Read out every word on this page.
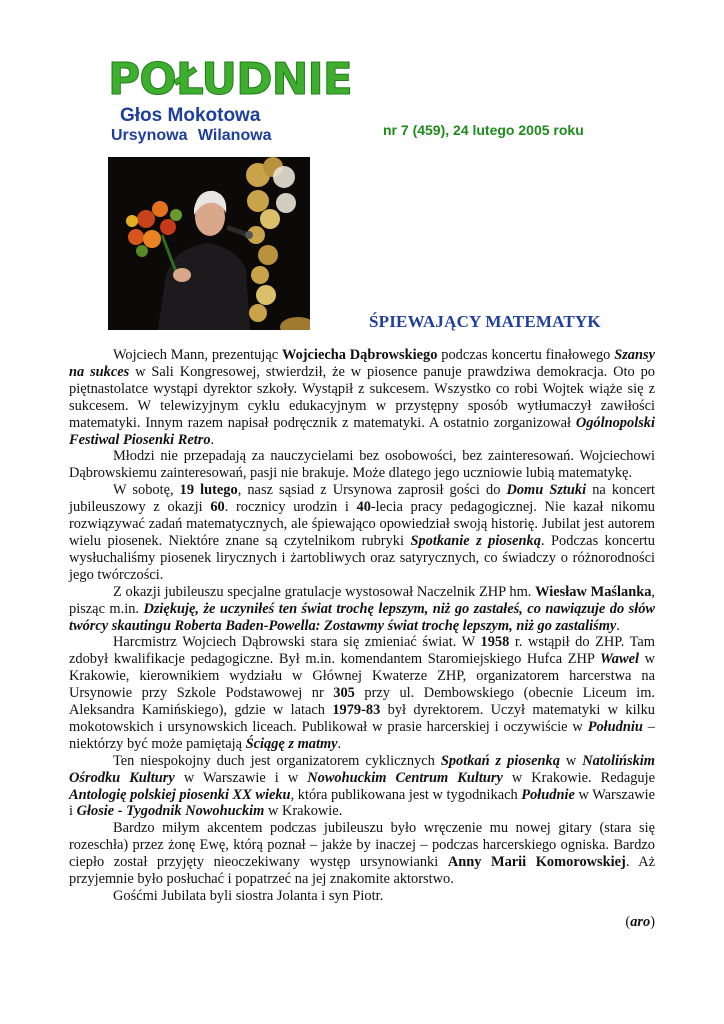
POŁUDNIE
Głos Mokotowa
Ursynowa Wilanowa	nr 7 (459), 24 lutego 2005 roku
ŚPIEWAJĄCY MATEMATYK

Wojciech Mann, prezentując Wojciecha Dąbrowskiego podczas koncertu finałowego Szansy na sukces w Sali Kongresowej, stwierdził, że w piosence panuje prawdziwa demokracja. Oto po piętnastolatce wystąpi dyrektor szkoły. Wystąpił z sukcesem. Wszystko co robi Wojtek wiąże się z sukcesem. W telewizyjnym cyklu edukacyjnym w przystępny sposób wytłumaczył zawiłości matematyki. Innym razem napisał podręcznik z matematyki. A ostatnio zorganizował Ogólnopolski Festiwal Piosenki Retro.

Młodzi nie przepadają za nauczycielami bez osobowości, bez zainteresowań. Wojciechowi Dąbrowskiemu zainteresowań, pasji nie brakuje. Może dlatego jego uczniowie lubią matematykę.

W sobotę, 19 lutego, nasz sąsiad z Ursynowa zaprosił gości do Domu Sztuki na koncert jubileuszowy z okazji 60. rocznicy urodzin i 40-lecia pracy pedagogicznej. Nie kazał nikomu rozwiązywać zadań matematycznych, ale śpiewająco opowiedział swoją historię. Jubilat jest autorem wielu piosenek. Niektóre znane są czytelnikom rubryki Spotkanie z piosenką. Podczas koncertu wysłuchaliśmy piosenek lirycznych i żartobliwych oraz satyrycznych, co świadczy o różnorodności jego twórczości.

Z okazji jubileuszu specjalne gratulacje wystosował Naczelnik ZHP hm. Wiesław Maślanka, pisząc m.in. Dziękuję, że uczyniłeś ten świat trochę lepszym, niż go zastałeś, co nawiązuje do słów twórcy skautingu Roberta Baden-Powella: Zostawmy świat trochę lepszym, niż go zastaliśmy.

Harcmistrz Wojciech Dąbrowski stara się zmieniać świat. W 1958 r. wstąpił do ZHP. Tam zdobył kwalifikacje pedagogiczne. Był m.in. komendantem Staromiejskiego Hufca ZHP Wawel w Krakowie, kierownikiem wydziału w Głównej Kwaterze ZHP, organizatorem harcerstwa na Ursynowie przy Szkole Podstawowej nr 305 przy ul. Dembowskiego (obecnie Liceum im. Aleksandra Kamińskiego), gdzie w latach 1979-83 był dyrektorem. Uczył matematyki w kilku mokotowskich i ursynowskich liceach. Publikował w prasie harcerskiej i oczywiście w Południu – niektórzy być może pamiętają Ściągę z matmy.

Ten niespokojny duch jest organizatorem cyklicznych Spotkań z piosenką w Natolińskim Ośrodku Kultury w Warszawie i w Nowohuckim Centrum Kultury w Krakowie. Redaguje Antologię polskiej piosenki XX wieku, która publikowana jest w tygodnikach Południe w Warszawie i Głosie - Tygodnik Nowohuckim w Krakowie.

Bardzo miłym akcentem podczas jubileuszu było wręczenie mu nowej gitary (stara się rozeschła) przez żonę Ewę, którą poznał – jakże by inaczej – podczas harcerskiego ogniska. Bardzo ciepło został przyjęty nieoczekiwany występ ursynowianki Anny Marii Komorowskiej. Aż przyjemnie było posłuchać i popatrzeć na jej znakomite aktorstwo.

Gośćmi Jubilata byli siostra Jolanta i syn Piotr.

(aro)
